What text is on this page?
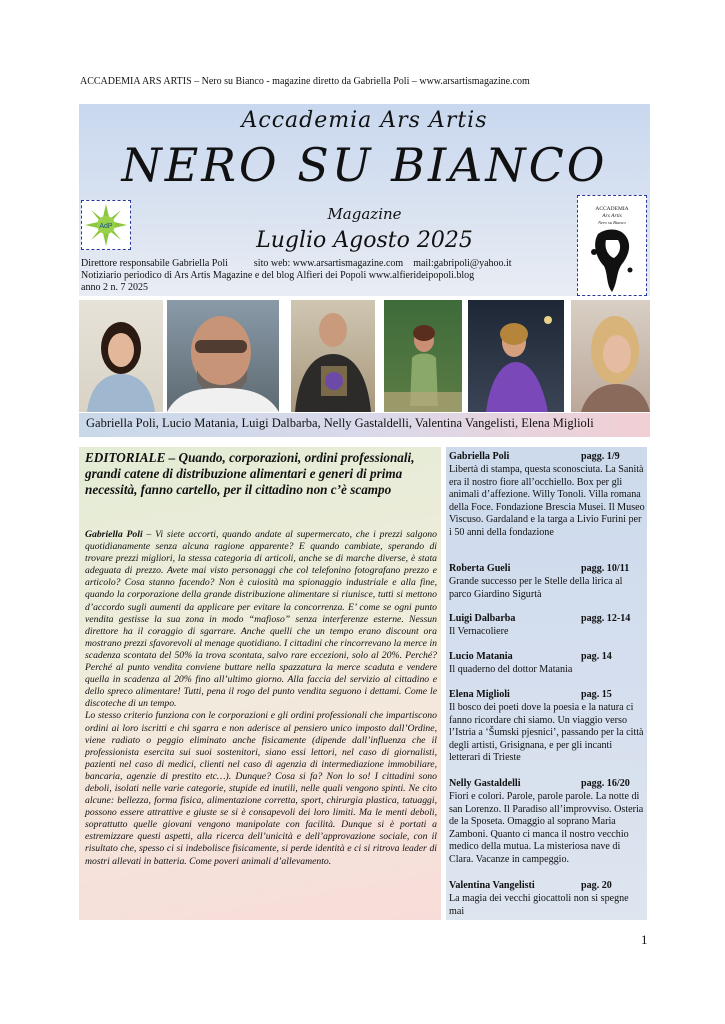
ACCADEMIA ARS ARTIS – Nero su Bianco - magazine diretto da Gabriella Poli – www.arsartismagazine.com
Accademia Ars Artis
NERO SU BIANCO
Magazine
Luglio Agosto 2025
AdP
ACCADEMIA
Ars Artis
Nero su Bianco
Direttore responsabile Gabriella Poli	sito web: www.arsartismagazine.com mail:gabripoli@yahoo.it
Notiziario periodico di Ars Artis Magazine e del blog Alfieri dei Popoli www.alfierideipopoli.blog
anno 2 n. 7 2025
Gabriella Poli, Lucio Matania, Luigi Dalbarba, Nelly Gastaldelli, Valentina Vangelisti, Elena Miglioli
EDITORIALE – Quando, corporazioni, ordini professionali, grandi catene di distribuzione alimentari e generi di prima necessità, fanno cartello, per il cittadino non c’è scampo

Gabriella Poli – Vi siete accorti, quando andate al supermercato, che i prezzi salgono quotidianamente senza alcuna ragione apparente? E quando cambiate, sperando di trovare prezzi migliori, la stessa categoria di articoli, anche se di marche diverse, è stata adeguata di prezzo. Avete mai visto personaggi che col telefonino fotografano prezzo e articolo? Cosa stanno facendo? Non è cuiosità ma spionaggio industriale e alla fine, quando la corporazione della grande distribuzione alimentare si riunisce, tutti si mettono d’accordo sugli aumenti da applicare per evitare la concorrenza. E’ come se ogni punto vendita gestisse la sua zona in modo “mafioso” senza interferenze esterne. Nessun direttore ha il coraggio di sgarrare. Anche quelli che un tempo erano discount ora mostrano prezzi sfavorevoli al menage quotidiano. I cittadini che rincorrevano la merce in scadenza scontata del 50% la trova scontata, salvo rare eccezioni, solo al 20%. Perché? Perché al punto vendita conviene buttare nella spazzatura la merce scaduta e vendere quella in scadenza al 20% fino all’ultimo giorno. Alla faccia del servizio al cittadino e dello spreco alimentare! Tutti, pena il rogo del punto vendita seguono i dettami. Come le discoteche di un tempo.

Lo stesso criterio funziona con le corporazioni e gli ordini professionali che impartiscono ordini ai loro iscritti e chi sgarra e non aderisce al pensiero unico imposto dall’Ordine, viene radiato o peggio eliminato anche fisicamente (dipende dall’influenza che il professionista esercita sui suoi sostenitori, siano essi lettori, nel caso di giornalisti, pazienti nel caso di medici, clienti nel caso di agenzia di intermediazione immobiliare, bancaria, agenzie di prestito etc…). Dunque? Cosa si fa? Non lo so! I cittadini sono deboli, isolati nelle varie categorie, stupide ed inutili, nelle quali vengono spinti. Ne cito alcune: bellezza, forma fisica, alimentazione corretta, sport, chirurgia plastica, tatuaggi, possono essere attrattive e giuste se si è consapevoli dei loro limiti. Ma le menti deboli, soprattutto quelle giovani vengono manipolate con facilità. Dunque si è portati a estremizzare questi aspetti, alla ricerca dell’unicità e dell’approvazione sociale, con il risultato che, spesso ci si indebolisce fisicamente, si perde identità e ci si ritrova leader di mostri allevati in batteria. Come poveri animali d’allevamento.

Gabriella Poli	pagg. 1/9
Libertà di stampa, questa sconosciuta. La Sanità era il nostro fiore all’occhiello. Box per gli animali d’affezione. Willy Tonoli. Villa romana della Foce. Fondazione Brescia Musei. Il Museo Viscuso. Gardaland e la targa a Livio Furini per i 50 anni della fondazione
Roberta Gueli	pagg. 10/11
Grande successo per le Stelle della lirica al parco Giardino Sigurtà
Luigi Dalbarba	pagg. 12-14
Il Vernacoliere
Lucio Matania	pag. 14
Il quaderno del dottor Matania
Elena Miglioli	pag. 15
Il bosco dei poeti dove la poesia e la natura ci fanno ricordare chi siamo. Un viaggio verso l’Istria a ‘Šumski pjesnici’, passando per la città degli artisti, Grisignana, e per gli incanti letterari di Trieste
Nelly Gastaldelli	pagg. 16/20
Fiori e colori. Parole, parole parole. La notte di san Lorenzo. Il Paradiso all’improvviso. Osteria de la Sposeta. Omaggio al soprano Maria Zamboni. Quanto ci manca il nostro vecchio medico della mutua. La misteriosa nave di Clara. Vacanze in campeggio.
Valentina Vangelisti	pag. 20
La magia dei vecchi giocattoli non si spegne mai
1
